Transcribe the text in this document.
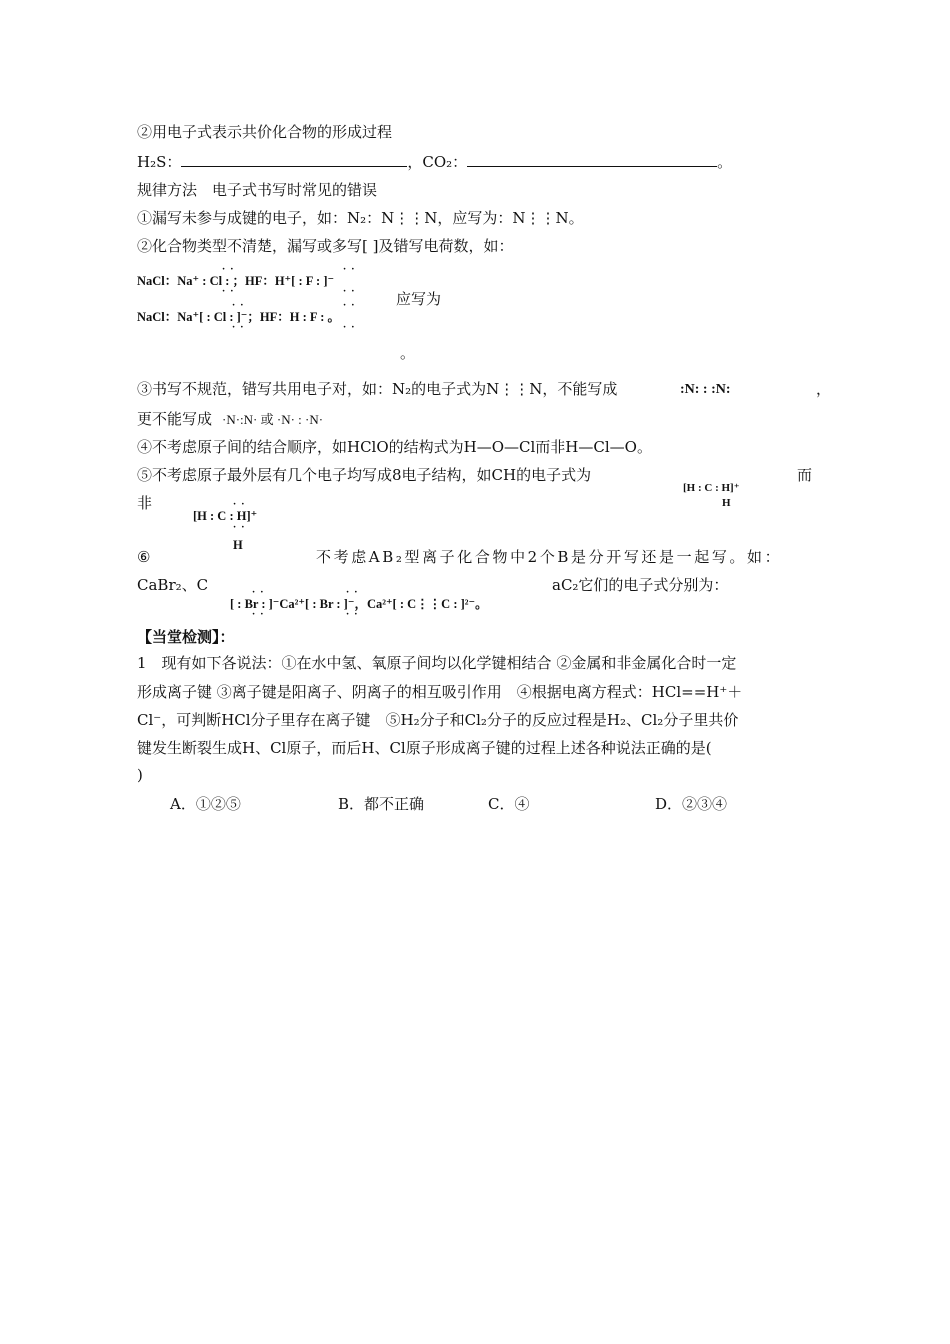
②用电子式表示共价化合物的形成过程
H₂S：	，CO₂：	。
规律方法　电子式书写时常见的错误
①漏写未参与成键的电子，如：N₂：N⋮⋮N，应写为：N⋮⋮N。
②化合物类型不清楚，漏写或多写[ ]及错写电荷数，如：
NaCl：Na⁺ : Cl : ；HF：H⁺[ : F : ]⁻
· ·
· ·
· ·
· ·
NaCl：Na⁺[ : Cl : ]⁻；HF：H : F : 。
· ·
· ·
· ·
· ·
应写为
。
③书写不规范，错写共用电子对，如：N₂的电子式为N⋮⋮N，不能写成	:N: : :N:	，
更不能写成 ·N·:N· 或 ·N· : ·N·
④不考虑原子间的结合顺序，如HClO的结构式为H—O—Cl而非H—Cl—O。
⑤不考虑原子最外层有几个电子均写成8电子结构，如CH的电子式为	而
非
[H : C : H]⁺
H
[H : C : H]⁺
· ·
· ·
H
⑥	不考虑AB₂型离子化合物中2个B是分开写还是一起写。如：
CaBr₂、C	aC₂它们的电子式分别为：
[ : Br : ]⁻Ca²⁺[ : Br : ]⁻，Ca²⁺[ : C⋮⋮C : ]²⁻。
· ·
· ·
· ·
· ·
【当堂检测】：
1　现有如下各说法：①在水中氢、氧原子间均以化学键相结合 ②金属和非金属化合时一定
形成离子键 ③离子键是阳离子、阴离子的相互吸引作用　④根据电离方程式：HCl==H⁺＋
Cl⁻，可判断HCl分子里存在离子键　⑤H₂分子和Cl₂分子的反应过程是H₂、Cl₂分子里共价
键发生断裂生成H、Cl原子，而后H、Cl原子形成离子键的过程上述各种说法正确的是(
)
A．①②⑤	B．都不正确	C．④	D．②③④
